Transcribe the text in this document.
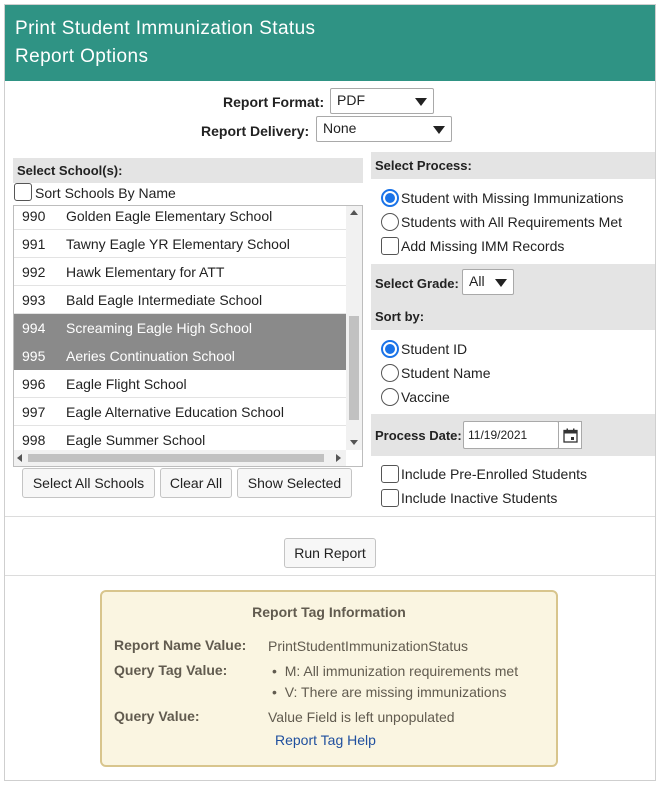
Print Student Immunization Status
Report Options
Report Format: PDF
Report Delivery: None
Select School(s):
Sort Schools By Name
990 Golden Eagle Elementary School
991 Tawny Eagle YR Elementary School
992 Hawk Elementary for ATT
993 Bald Eagle Intermediate School
994 Screaming Eagle High School
995 Aeries Continuation School
996 Eagle Flight School
997 Eagle Alternative Education School
998 Eagle Summer School
Select All Schools	Clear All	Show Selected
Select Process:
Student with Missing Immunizations
Students with All Requirements Met
Add Missing IMM Records
Select Grade: All
Sort by:
Student ID
Student Name
Vaccine
Process Date: 11/19/2021
Include Pre-Enrolled Students
Include Inactive Students
Run Report
Report Tag Information
Report Name Value: PrintStudentImmunizationStatus
Query Tag Value:	•  M: All immunization requirements met
•  V: There are missing immunizations
Query Value:	Value Field is left unpopulated
Report Tag Help
